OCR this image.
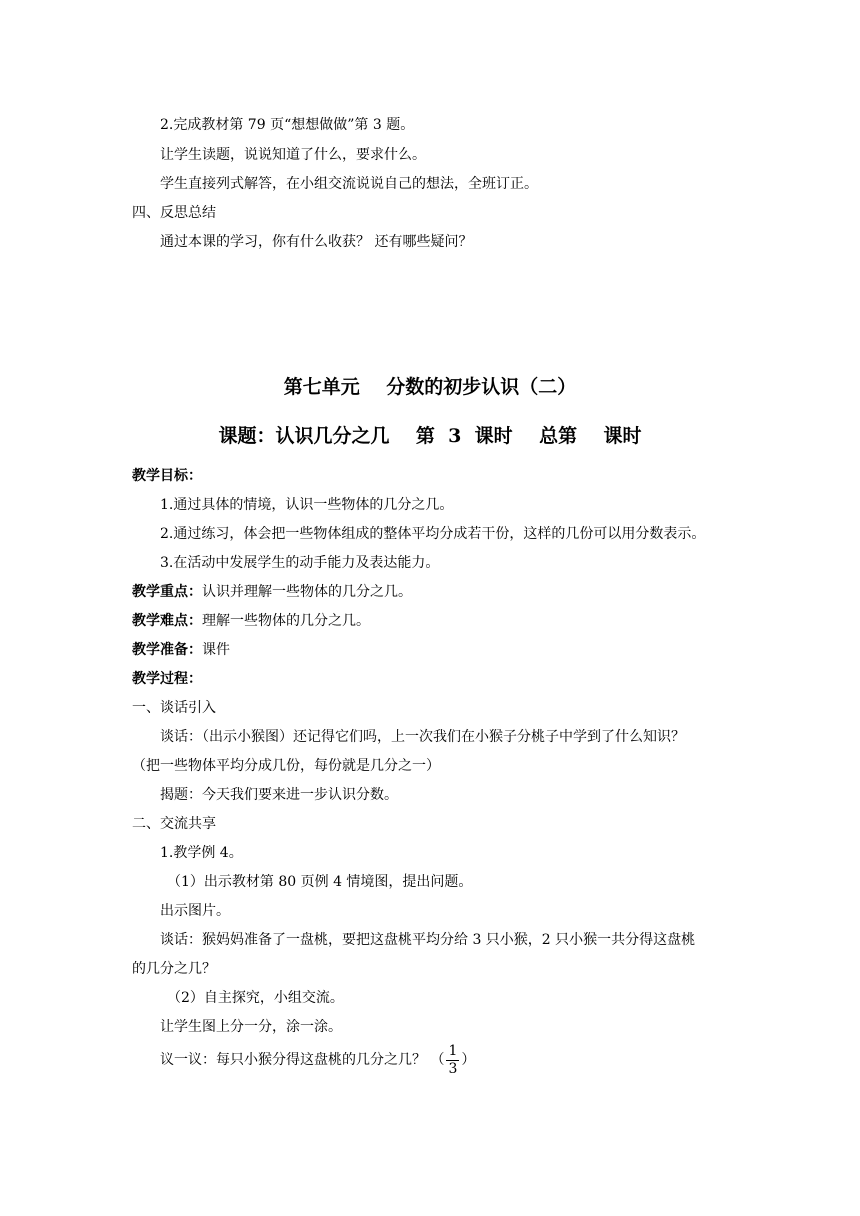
2.完成教材第 79 页“想想做做”第 3 题。
让学生读题，说说知道了什么，要求什么。
学生直接列式解答，在小组交流说说自己的想法，全班订正。
四、反思总结
通过本课的学习，你有什么收获？ 还有哪些疑问？
第七单元    分数的初步认识（二）
课题：认识几分之几    第  3  课时    总第    课时
教学目标：
1.通过具体的情境，认识一些物体的几分之几。
2.通过练习，体会把一些物体组成的整体平均分成若干份，这样的几份可以用分数表示。
3.在活动中发展学生的动手能力及表达能力。
教学重点：认识并理解一些物体的几分之几。
教学难点：理解一些物体的几分之几。
教学准备：课件
教学过程：
一、谈话引入
谈话：（出示小猴图）还记得它们吗，上一次我们在小猴子分桃子中学到了什么知识？
（把一些物体平均分成几份，每份就是几分之一）
揭题：今天我们要来进一步认识分数。
二、交流共享
1.教学例 4。
（1）出示教材第 80 页例 4 情境图，提出问题。
出示图片。
谈话：猴妈妈准备了一盘桃，要把这盘桃平均分给 3 只小猴，2 只小猴一共分得这盘桃
的几分之几？
（2）自主探究，小组交流。
让学生图上分一分，涂一涂。
议一议：每只小猴分得这盘桃的几分之几？ （ $\frac{1}{3}$ ）
